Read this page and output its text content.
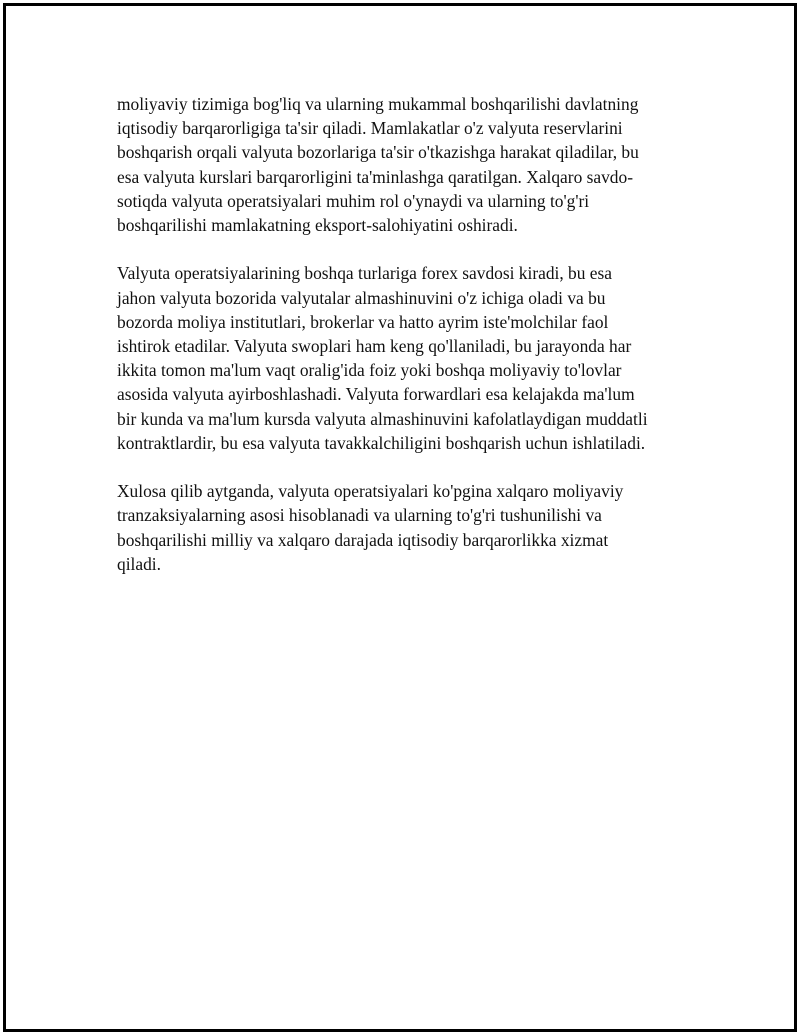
moliyaviy tizimiga bog'liq va ularning mukammal boshqarilishi davlatning
iqtisodiy barqarorligiga ta'sir qiladi. Mamlakatlar o'z valyuta reservlarini
boshqarish orqali valyuta bozorlariga ta'sir o'tkazishga harakat qiladilar, bu
esa valyuta kurslari barqarorligini ta'minlashga qaratilgan. Xalqaro savdo-
sotiqda valyuta operatsiyalari muhim rol o'ynaydi va ularning to'g'ri
boshqarilishi mamlakatning eksport-salohiyatini oshiradi.

Valyuta operatsiyalarining boshqa turlariga forex savdosi kiradi, bu esa
jahon valyuta bozorida valyutalar almashinuvini o'z ichiga oladi va bu
bozorda moliya institutlari, brokerlar va hatto ayrim iste'molchilar faol
ishtirok etadilar. Valyuta swoplari ham keng qo'llaniladi, bu jarayonda har
ikkita tomon ma'lum vaqt oralig'ida foiz yoki boshqa moliyaviy to'lovlar
asosida valyuta ayirboshlashadi. Valyuta forwardlari esa kelajakda ma'lum
bir kunda va ma'lum kursda valyuta almashinuvini kafolatlaydigan muddatli
kontraktlardir, bu esa valyuta tavakkalchiligini boshqarish uchun ishlatiladi.

Xulosa qilib aytganda, valyuta operatsiyalari ko'pgina xalqaro moliyaviy
tranzaksiyalarning asosi hisoblanadi va ularning to'g'ri tushunilishi va
boshqarilishi milliy va xalqaro darajada iqtisodiy barqarorlikka xizmat
qiladi.
